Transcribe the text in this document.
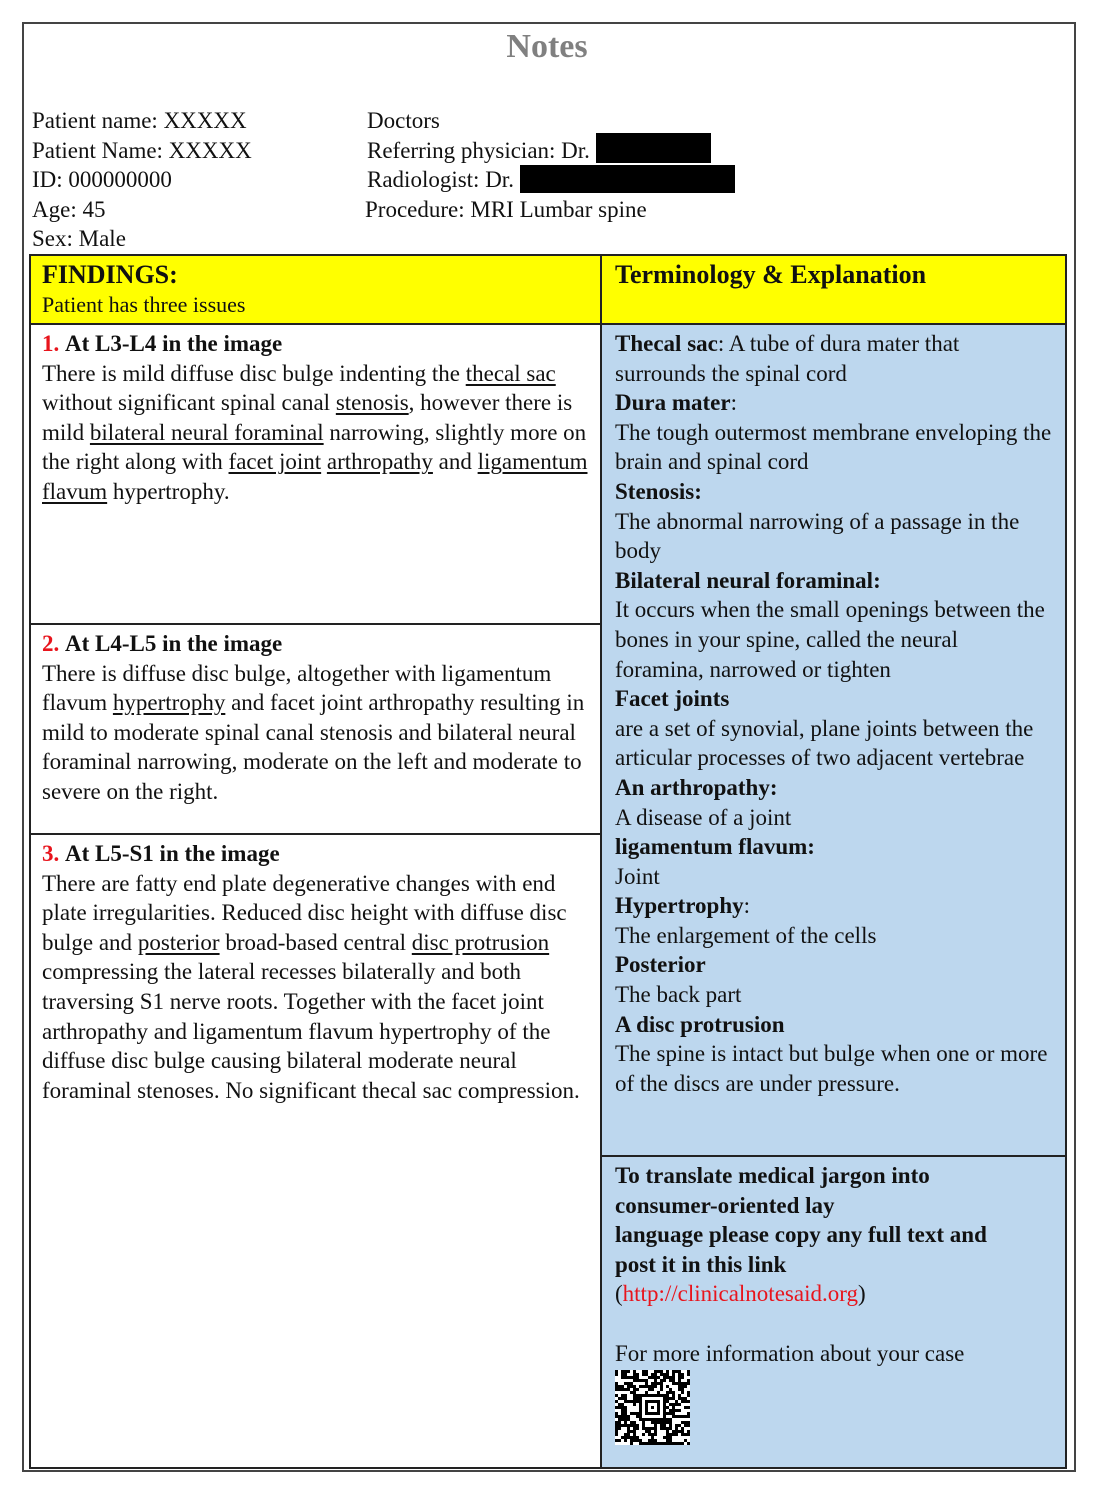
Notes
Patient name: XXXXX
Patient Name: XXXXX
ID: 000000000
Age: 45
Sex: Male
Doctors
Referring physician: Dr.
Radiologist: Dr.
Procedure: MRI Lumbar spine
FINDINGS:
Patient has three issues
Terminology & Explanation
1. At L3-L4 in the image
There is mild diffuse disc bulge indenting the thecal sac without significant spinal canal stenosis, however there is mild bilateral neural foraminal narrowing, slightly more on the right along with facet joint arthropathy and ligamentum flavum hypertrophy.
2. At L4-L5 in the image
There is diffuse disc bulge, altogether with ligamentum flavum hypertrophy and facet joint arthropathy resulting in mild to moderate spinal canal stenosis and bilateral neural foraminal narrowing, moderate on the left and moderate to severe on the right.
3. At L5-S1 in the image
There are fatty end plate degenerative changes with end plate irregularities. Reduced disc height with diffuse disc bulge and posterior broad-based central disc protrusion compressing the lateral recesses bilaterally and both traversing S1 nerve roots. Together with the facet joint arthropathy and ligamentum flavum hypertrophy of the diffuse disc bulge causing bilateral moderate neural foraminal stenoses. No significant thecal sac compression.
Thecal sac: A tube of dura mater that surrounds the spinal cord
Dura mater:
The tough outermost membrane enveloping the brain and spinal cord
Stenosis:
The abnormal narrowing of a passage in the body
Bilateral neural foraminal:
It occurs when the small openings between the bones in your spine, called the neural foramina, narrowed or tighten
Facet joints
are a set of synovial, plane joints between the articular processes of two adjacent vertebrae
An arthropathy:
A disease of a joint
ligamentum flavum:
Joint
Hypertrophy:
The enlargement of the cells
Posterior
The back part
A disc protrusion
The spine is intact but bulge when one or more of the discs are under pressure.
To translate medical jargon into
consumer-oriented lay
language please copy any full text and
post it in this link
(http://clinicalnotesaid.org)
For more information about your case
